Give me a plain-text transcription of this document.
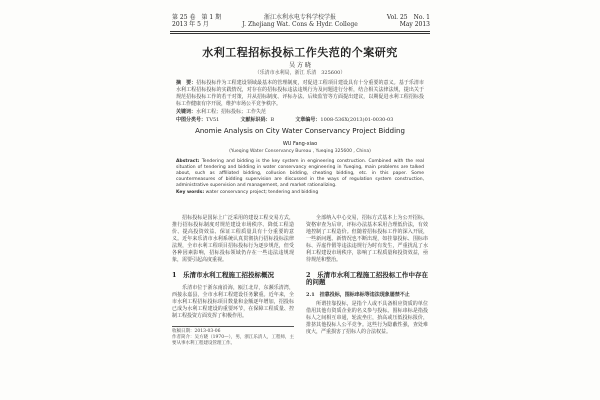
第 25 卷　第 1 期
2013 年 5 月
浙江水利水电专科学校学报
J. Zhejiang Wat. Cons & Hydr. College
Vol. 25　No. 1
May 2013
水利工程招标投标工作失范的个案研究
吴 方 晓
（乐清市水利局，浙江 乐清　325600）
摘　要：招标投标作为工程建设领域最基本的管理制度，对促进工程项目建设具有十分重要的意义。基于乐清市水利工程招标投标的实践情况，对存在的招标投标违法违规行为及问题进行分析，结合相关法律法规，提出关于规范招标投标工作的若干对策，并从招标制度、评标办法、后续监管等方面提出建议，以期促进水利工程招标投标工作健康有序开展，维护市场公平竞争秩序。
关键词：水利工程；招标投标；工作失范
中图分类号：TV51	文献标识码：B	文章编号：1008-536X(2013)01-0030-03
Anomie Analysis on City Water Conservancy Project Bidding
WU Fang-xiao
(Yueqing Water Conservancy Bureau , Yueqing 325600 , China)
Abstract: Tendering and bidding is the key system in engineering construction. Combined with the real situation of tendering and bidding in water conservancy engineering in Yueqing, main problems are talked about, such as affiliated bidding, collusion bidding, cheating bidding, etc. in this paper. Some countermeasures of bidding supervision are discussed in the ways of regulation system construction, administrative supervision and management, and market rationalizing.
Key words: water conservancy project; tendering and bidding

招标投标是国际上广泛采用的建设工程交易方式，推行招标投标制度对规范建设市场秩序、降低工程造价、提高投资效益、保证工程质量具有十分重要的意义。近年来乐清市水利系统认真贯彻执行招标投标法律法规，全市水利工程项目招标投标行为逐步规范，但受各种因素影响，招标投标领域仍存在一些违法违规现象，需要引起高度重视。

1　乐清市水利工程施工招投标概况

乐清市位于浙东南沿海，瓯江北岸，东濒乐清湾，西接永嘉县，全市水利工程建设任务繁重。近年来，全市水利工程招标投标项目数量和金额逐年增加，招投标已成为水利工程建设的重要环节，在保障工程质量、控制工程投资方面发挥了积极作用。

收稿日期：2013-03-06
作者简介：吴方晓（1970—），男，浙江乐清人，工程师，主要从事水利工程建设管理工作。

全部纳入中心交易，招标方式基本上为公开招标，资格审查为后审，评标办法基本采用合理低价法，有效地控制了工程造价。但随着招标投标工作的深入开展，一些新问题、新情况也不断出现，如挂靠投标、围标串标、弄虚作假等违法违规行为时有发生，严重扰乱了水利工程建设市场秩序，影响了工程质量和投资效益，亟待规范和整治。

2　乐清市水利工程施工招投标工作中存在的问题
2.1　挂靠投标，围标串标等违法现象屡禁不止

所谓挂靠投标，是指个人或不具备相应资质的单位借用其他有资质企业的名义参与投标。围标串标是指投标人之间相互串通，轮流坐庄，抬高或压低投标报价，排挤其他投标人公平竞争。这些行为隐蔽性强，查处难度大，严重损害了招标人的合法权益。
